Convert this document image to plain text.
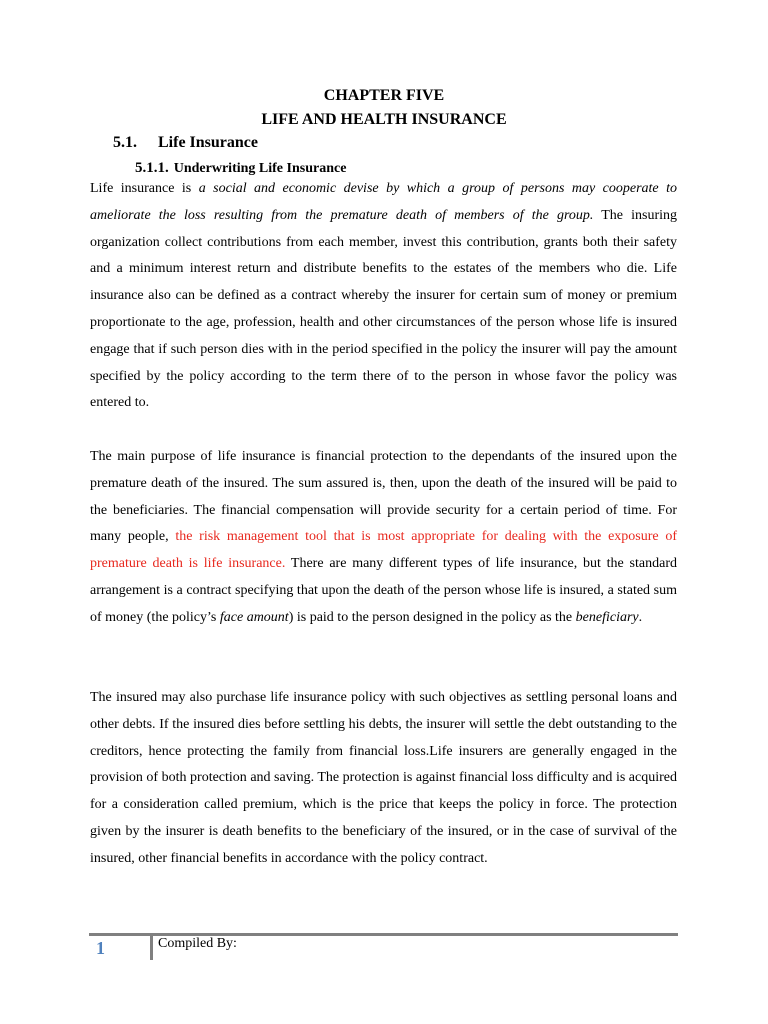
CHAPTER FIVE
LIFE AND HEALTH INSURANCE
5.1. Life Insurance
5.1.1. Underwriting Life Insurance

Life insurance is a social and economic devise by which a group of persons may cooperate to ameliorate the loss resulting from the premature death of members of the group. The insuring organization collect contributions from each member, invest this contribution, grants both their safety and a minimum interest return and distribute benefits to the estates of the members who die. Life insurance also can be defined as a contract whereby the insurer for certain sum of money or premium proportionate to the age, profession, health and other circumstances of the person whose life is insured engage that if such person dies with in the period specified in the policy the insurer will pay the amount specified by the policy according to the term there of to the person in whose favor the policy was entered to.

The main purpose of life insurance is financial protection to the dependants of the insured upon the premature death of the insured. The sum assured is, then, upon the death of the insured will be paid to the beneficiaries. The financial compensation will provide security for a certain period of time. For many people, the risk management tool that is most appropriate for dealing with the exposure of premature death is life insurance. There are many different types of life insurance, but the standard arrangement is a contract specifying that upon the death of the person whose life is insured, a stated sum of money (the policy’s face amount) is paid to the person designed in the policy as the beneficiary.

The insured may also purchase life insurance policy with such objectives as settling personal loans and other debts. If the insured dies before settling his debts, the insurer will settle the debt outstanding to the creditors, hence protecting the family from financial loss.Life insurers are generally engaged in the provision of both protection and saving. The protection is against financial loss difficulty and is acquired for a consideration called premium, which is the price that keeps the policy in force. The protection given by the insurer is death benefits to the beneficiary of the insured, or in the case of survival of the insured, other financial benefits in accordance with the policy contract.

1	Compiled By:
